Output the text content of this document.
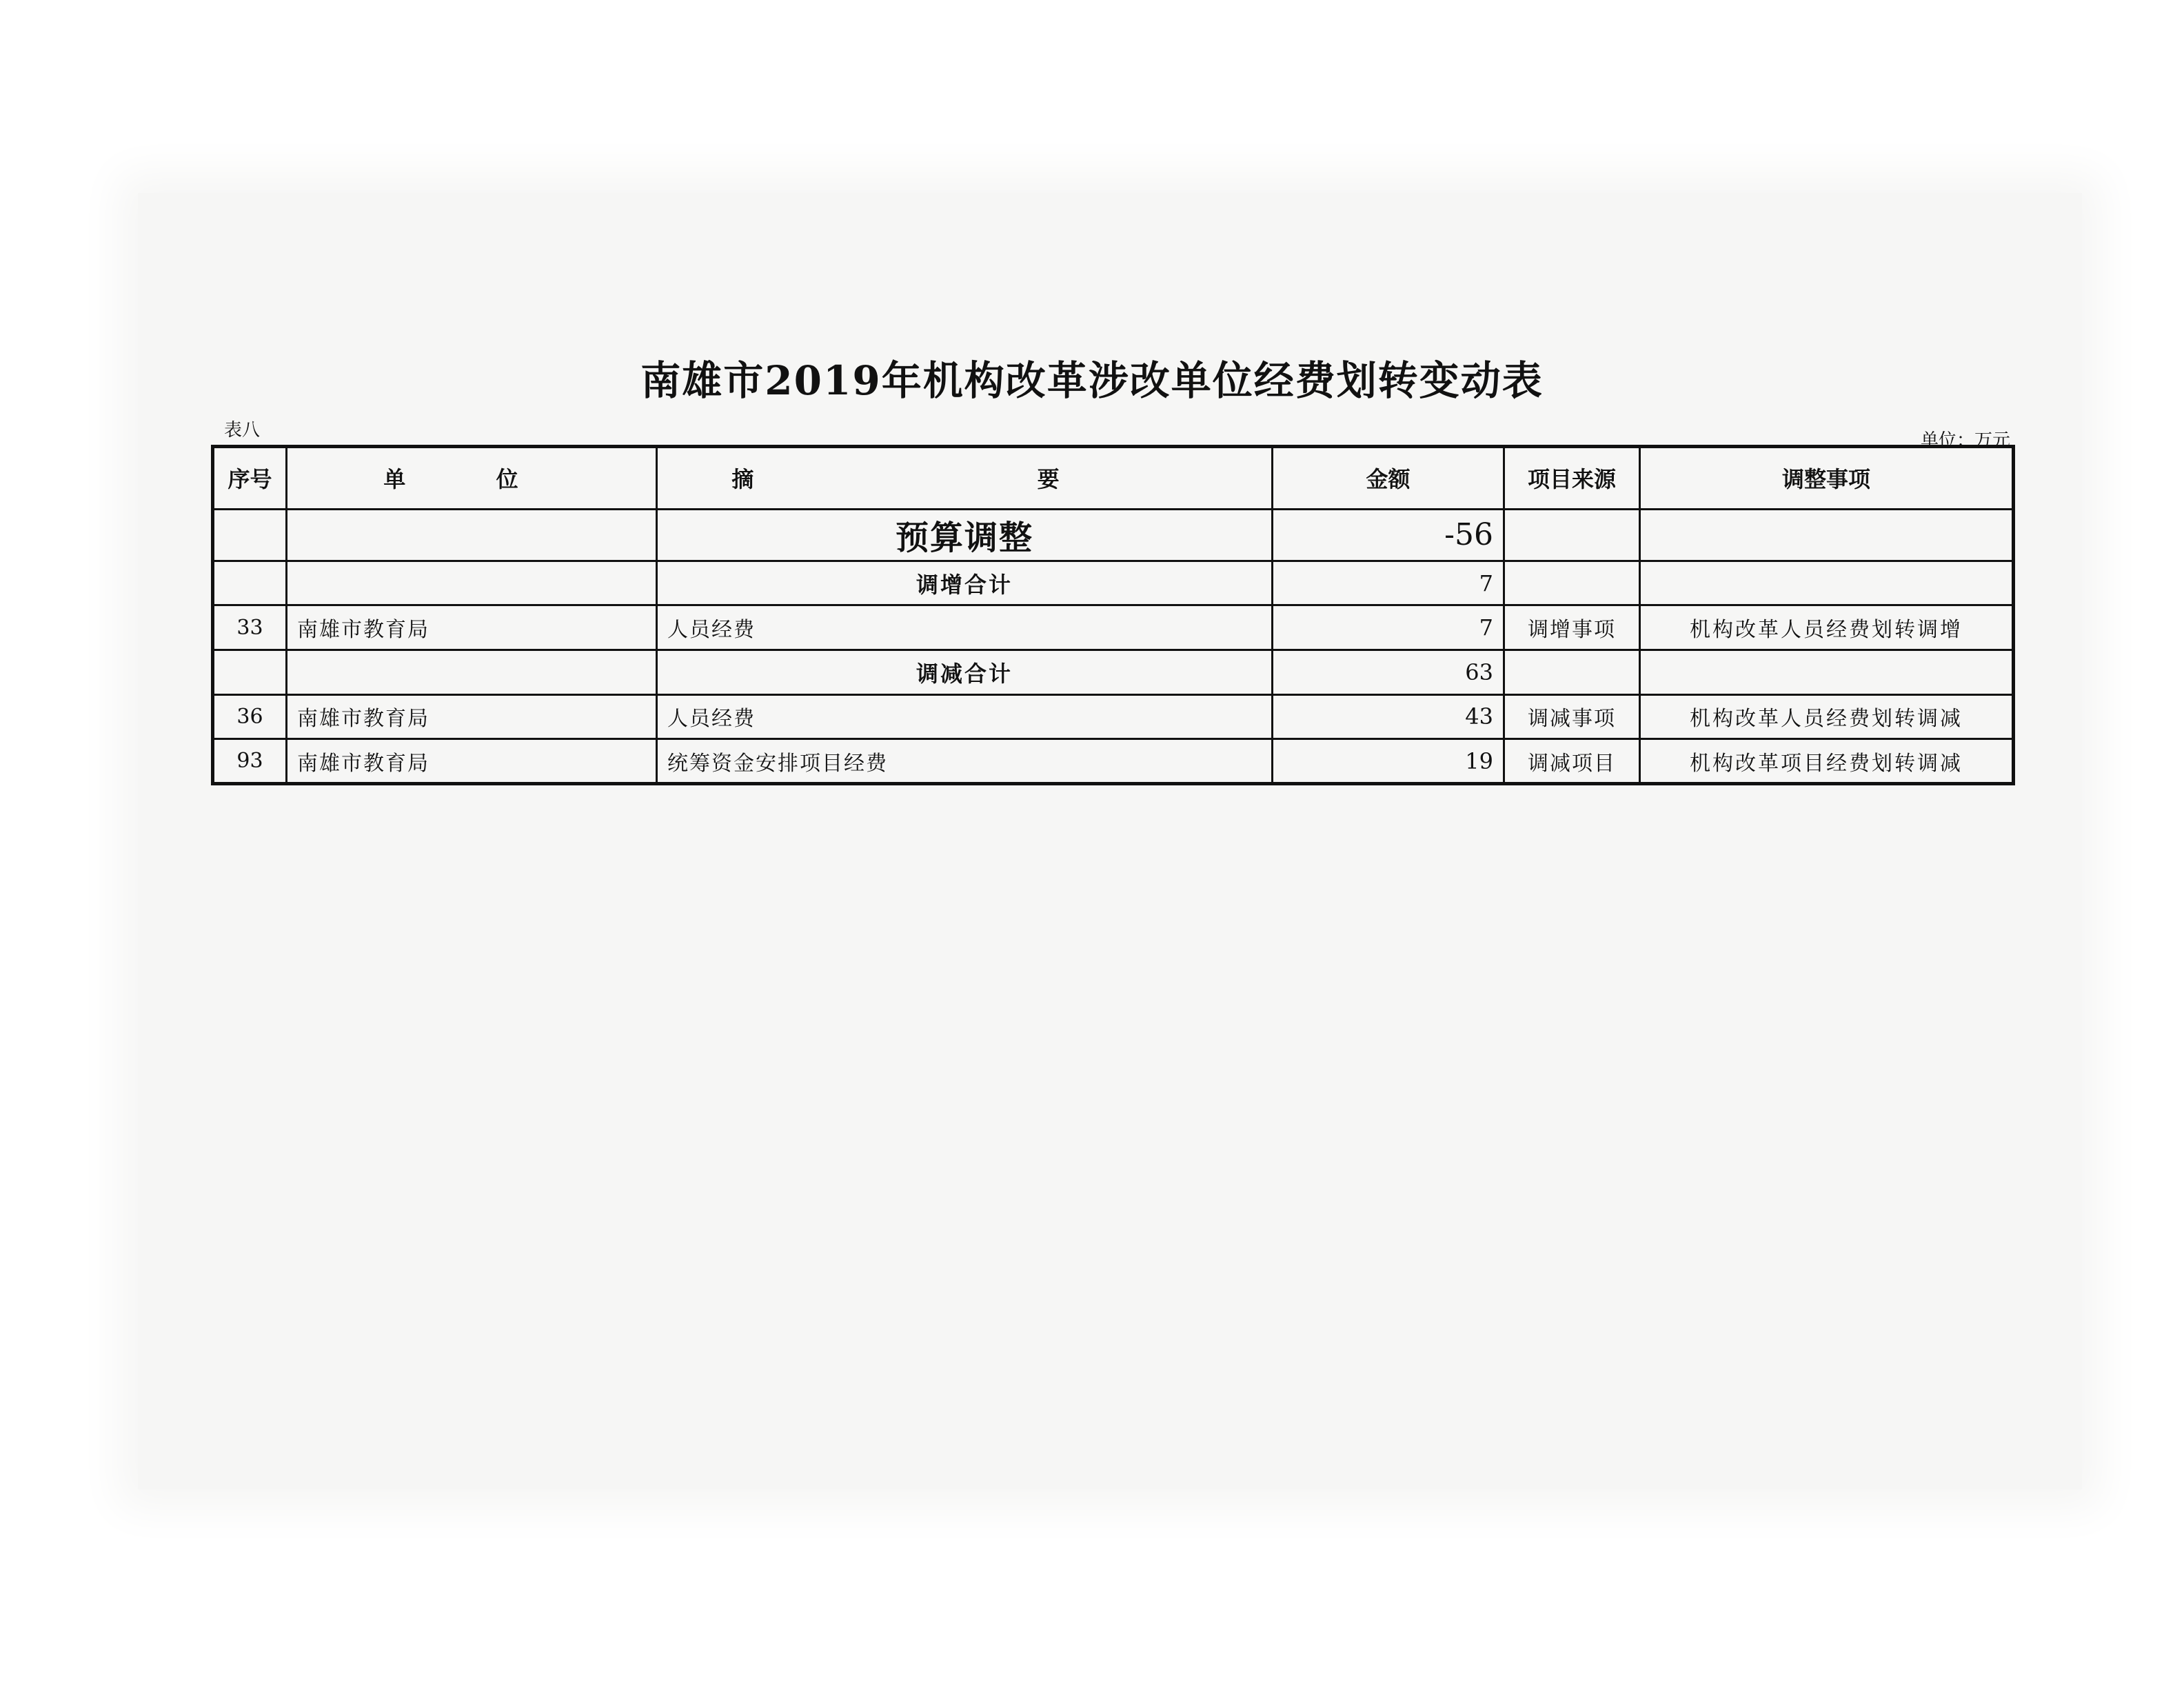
南雄市2019年机构改革涉改单位经费划转变动表
表八	单位：万元
序号	单 位	摘 要	金额	项目来源	调整事项
		预算调整	-56		
		调增合计	7		
33	南雄市教育局	人员经费	7	调增事项	机构改革人员经费划转调增
		调减合计	63		
36	南雄市教育局	人员经费	43	调减事项	机构改革人员经费划转调减
93	南雄市教育局	统筹资金安排项目经费	19	调减项目	机构改革项目经费划转调减
